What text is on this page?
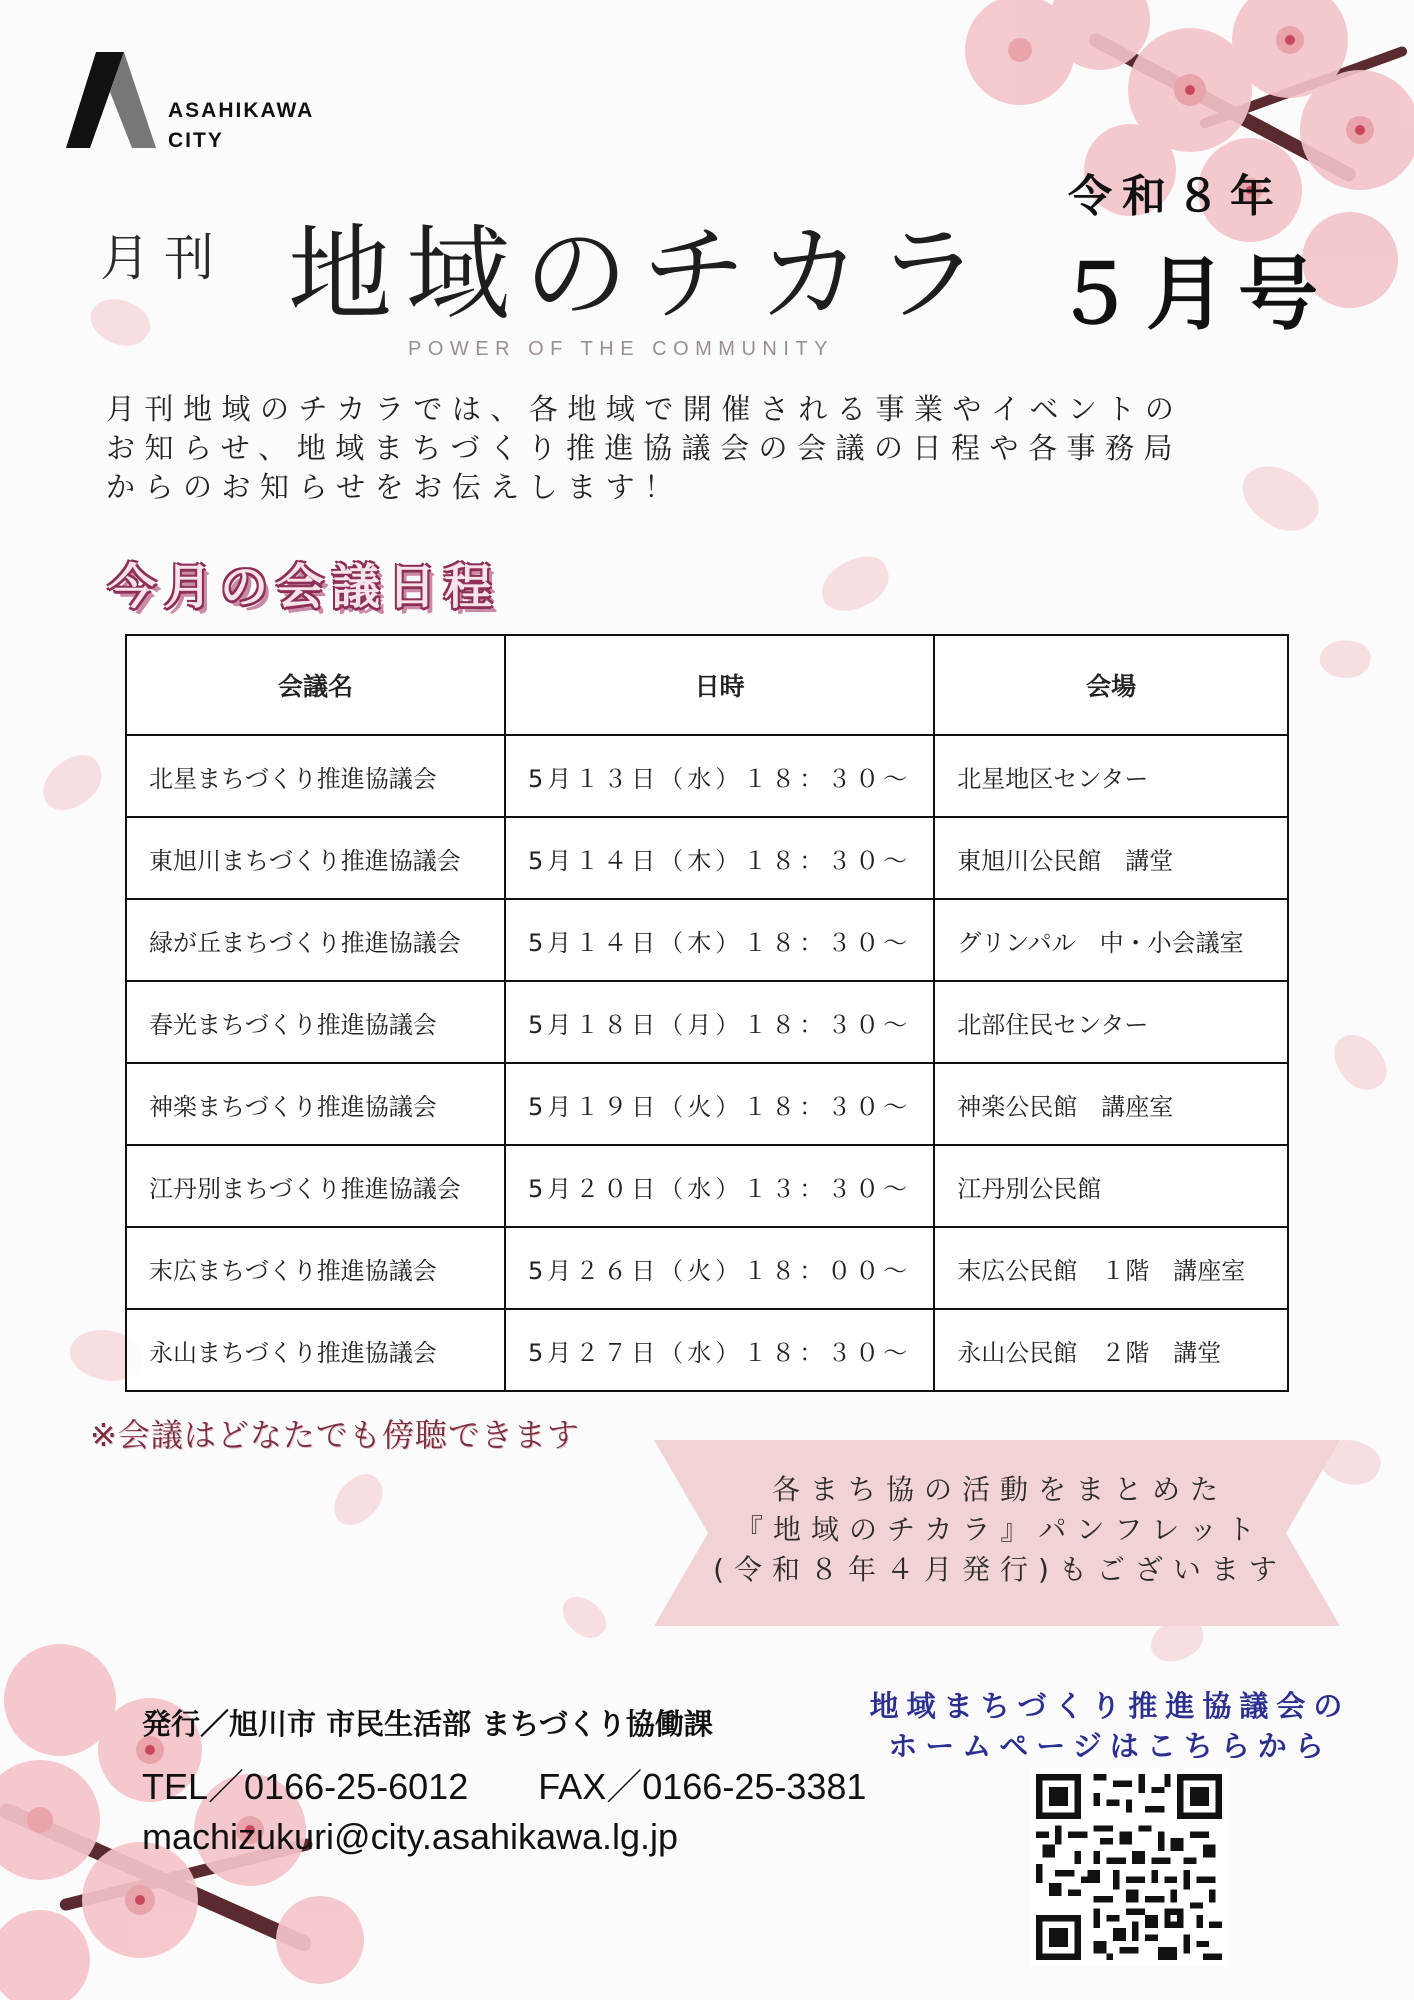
ASAHIKAWA
CITY
月刊 地域のチカラ
令和８年
５月号
POWER OF THE COMMUNITY
月刊地域のチカラでは、各地域で開催される事業やイベントの
お知らせ、地域まちづくり推進協議会の会議の日程や各事務局
からのお知らせをお伝えします！
今月の会議日程
会議名	日時	会場
北星まちづくり推進協議会	5月１３日（水）１８：３０～	北星地区センター
東旭川まちづくり推進協議会	5月１４日（木）１８：３０～	東旭川公民館　講堂
緑が丘まちづくり推進協議会	5月１４日（木）１８：３０～	グリンパル　中・小会議室
春光まちづくり推進協議会	5月１８日（月）１８：３０～	北部住民センター
神楽まちづくり推進協議会	5月１９日（火）１８：３０～	神楽公民館　講座室
江丹別まちづくり推進協議会	5月２０日（水）１３：３０～	江丹別公民館
末広まちづくり推進協議会	5月２６日（火）１８：００～	末広公民館　１階　講座室
永山まちづくり推進協議会	5月２７日（水）１８：３０～	永山公民館　２階　講堂
※会議はどなたでも傍聴できます
各まち協の活動をまとめた
『地域のチカラ』パンフレット
(令和８年４月発行)もございます
発行／旭川市 市民生活部 まちづくり協働課
TEL／0166-25-6012 FAX／0166-25-3381
machizukuri@city.asahikawa.lg.jp
地域まちづくり推進協議会の
ホームページはこちらから
